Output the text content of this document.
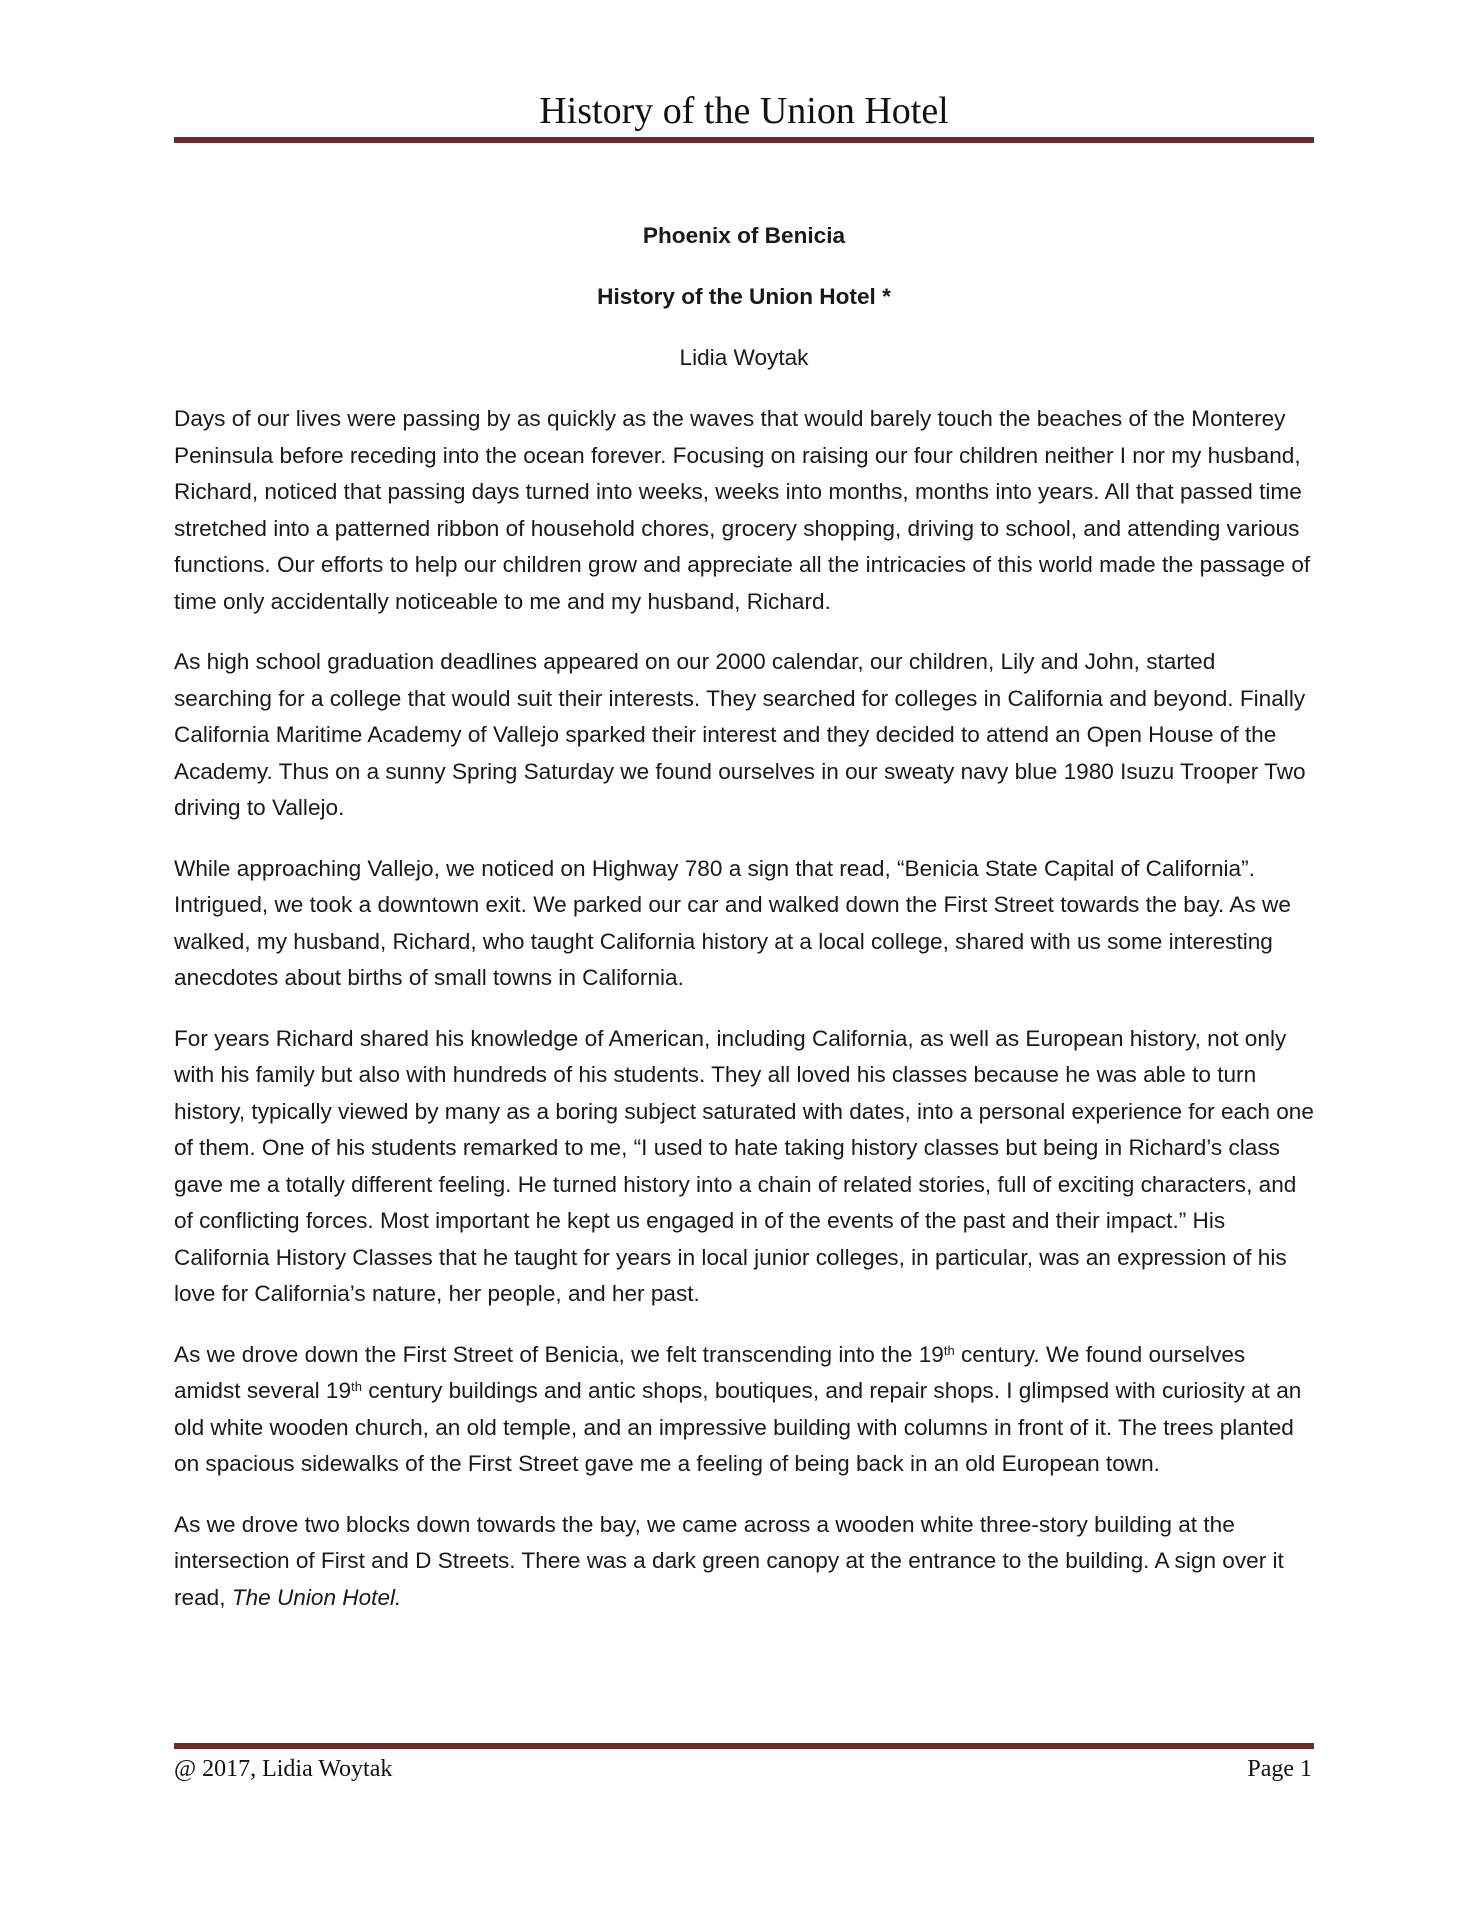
History of the Union Hotel

Phoenix of Benicia

History of the Union Hotel *

Lidia Woytak

Days of our lives were passing by as quickly as the waves that would barely touch the beaches of the Monterey Peninsula before receding into the ocean forever. Focusing on raising our four children neither I nor my husband, Richard, noticed that passing days turned into weeks, weeks into months, months into years. All that passed time stretched into a patterned ribbon of household chores, grocery shopping, driving to school, and attending various functions. Our efforts to help our children grow and appreciate all the intricacies of this world made the passage of time only accidentally noticeable to me and my husband, Richard.

As high school graduation deadlines appeared on our 2000 calendar, our children, Lily and John, started searching for a college that would suit their interests. They searched for colleges in California and beyond. Finally California Maritime Academy of Vallejo sparked their interest and they decided to attend an Open House of the Academy. Thus on a sunny Spring Saturday we found ourselves in our sweaty navy blue 1980 Isuzu Trooper Two driving to Vallejo.

While approaching Vallejo, we noticed on Highway 780 a sign that read, “Benicia State Capital of California”. Intrigued, we took a downtown exit. We parked our car and walked down the First Street towards the bay. As we walked, my husband, Richard, who taught California history at a local college, shared with us some interesting anecdotes about births of small towns in California.

For years Richard shared his knowledge of American, including California, as well as European history, not only with his family but also with hundreds of his students. They all loved his classes because he was able to turn history, typically viewed by many as a boring subject saturated with dates, into a personal experience for each one of them. One of his students remarked to me, “I used to hate taking history classes but being in Richard’s class gave me a totally different feeling. He turned history into a chain of related stories, full of exciting characters, and of conflicting forces. Most important he kept us engaged in of the events of the past and their impact.” His California History Classes that he taught for years in local junior colleges, in particular, was an expression of his love for California’s nature, her people, and her past.

As we drove down the First Street of Benicia, we felt transcending into the 19th century. We found ourselves amidst several 19th century buildings and antic shops, boutiques, and repair shops. I glimpsed with curiosity at an old white wooden church, an old temple, and an impressive building with columns in front of it. The trees planted on spacious sidewalks of the First Street gave me a feeling of being back in an old European town.

As we drove two blocks down towards the bay, we came across a wooden white three-story building at the intersection of First and D Streets. There was a dark green canopy at the entrance to the building. A sign over it read, The Union Hotel.

@ 2017, Lidia Woytak	Page 1
